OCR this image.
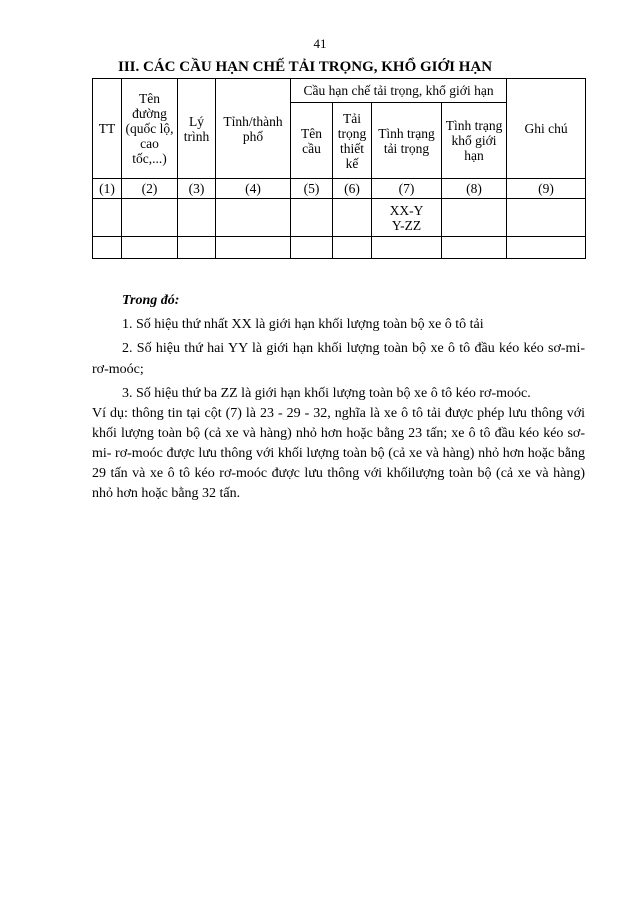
41
III. CÁC CẦU HẠN CHẾ TẢI TRỌNG, KHỔ GIỚI HẠN
TT	Tên đường (quốc lộ, cao tốc,...)	Lý trình	Tỉnh/thành phố	Cầu hạn chế tải trọng, khổ giới hạn				Ghi chú
				Tên cầu	Tải trọng thiết kế	Tình trạng tải trọng	Tình trạng khổ giới hạn	
(1)	(2)	(3)	(4)	(5)	(6)	(7)	(8)	(9)
						XX-YY-ZZ		

Trong đó:

1. Số hiệu thứ nhất XX là giới hạn khối lượng toàn bộ xe ô tô tải

2. Số hiệu thứ hai YY là giới hạn khối lượng toàn bộ xe ô tô đầu kéo kéo sơ-mi-rơ-moóc;

3. Số hiệu thứ ba ZZ là giới hạn khối lượng toàn bộ xe ô tô kéo rơ-moóc.

Ví dụ: thông tin tại cột (7) là 23 - 29 - 32, nghĩa là xe ô tô tải được phép lưu thông với khối lượng toàn bộ (cả xe và hàng) nhỏ hơn hoặc bằng 23 tấn; xe ô tô đầu kéo kéo sơ-mi- rơ-moóc được lưu thông với khối lượng toàn bộ (cả xe và hàng) nhỏ hơn hoặc bằng 29 tấn và xe ô tô kéo rơ-moóc được lưu thông với khốilượng toàn bộ (cả xe và hàng) nhỏ hơn hoặc bằng 32 tấn.
